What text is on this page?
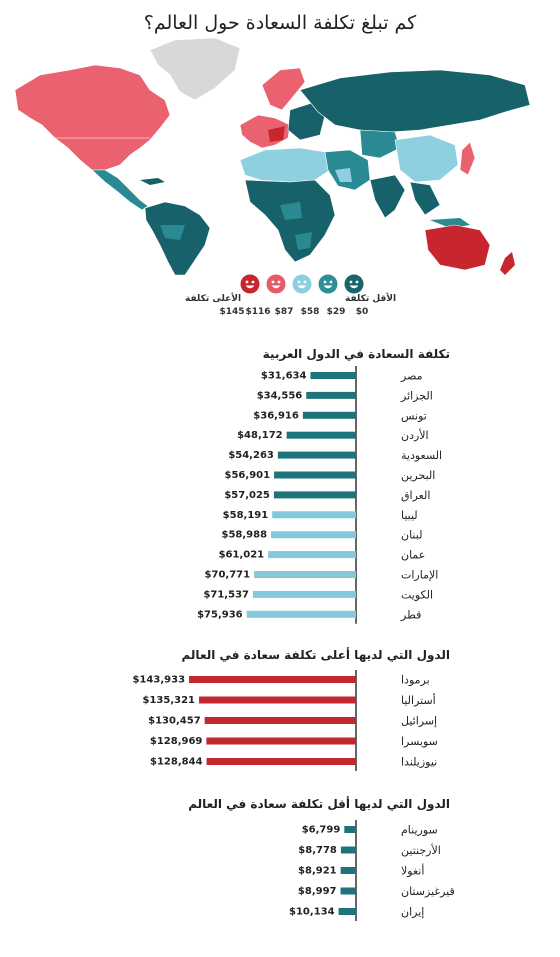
كم تبلغ تكلفة السعادة حول العالم؟
الأقل تكلفة
الأعلى تكلفة
$145 $116 $87 $58 $29	$0
تكلفة السعادة في الدول العربية
$31,634	مصر
$34,556	الجزائر
$36,916	تونس
$48,172	الأردن
$54,263	السعودية
$56,901	البحرين
$57,025	العراق
$58,191	ليبيا
$58,988	لبنان
$61,021	عمان
$70,771	الإمارات
$71,537	الكويت
$75,936	قطر
الدول التي لديها أعلى تكلفة سعادة في العالم
$143,933	برمودا
$135,321	أستراليا
$130,457	إسرائيل
$128,969	سويسرا
$128,844	نيوزيلندا
الدول التي لديها أقل تكلفة سعادة في العالم
$6,799	سورينام
$8,778	الأرجنتين
$8,921	أنغولا
$8,997	قيرغيزستان
$10,134	إيران
